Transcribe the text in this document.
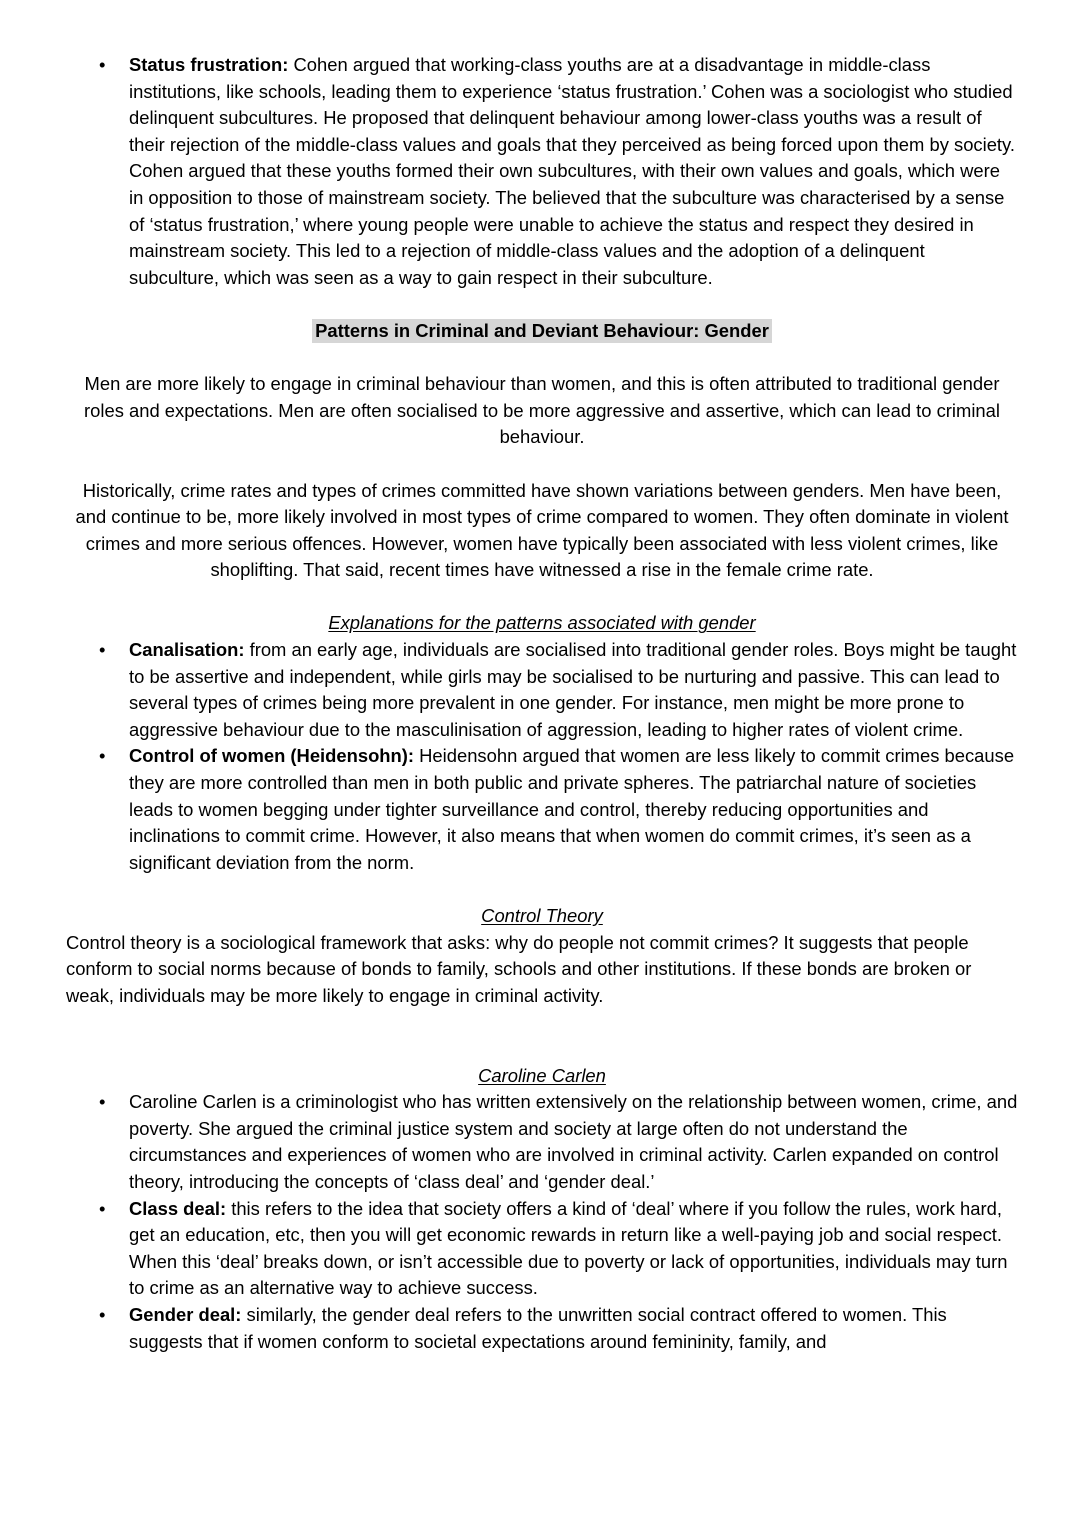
• Status frustration: Cohen argued that working-class youths are at a disadvantage in middle-class institutions, like schools, leading them to experience ‘status frustration.’ Cohen was a sociologist who studied delinquent subcultures. He proposed that delinquent behaviour among lower-class youths was a result of their rejection of the middle-class values and goals that they perceived as being forced upon them by society. Cohen argued that these youths formed their own subcultures, with their own values and goals, which were in opposition to those of mainstream society. The believed that the subculture was characterised by a sense of ‘status frustration,’ where young people were unable to achieve the status and respect they desired in mainstream society. This led to a rejection of middle-class values and the adoption of a delinquent subculture, which was seen as a way to gain respect in their subculture.
Patterns in Criminal and Deviant Behaviour: Gender

Men are more likely to engage in criminal behaviour than women, and this is often attributed to traditional gender roles and expectations. Men are often socialised to be more aggressive and assertive, which can lead to criminal behaviour.

Historically, crime rates and types of crimes committed have shown variations between genders. Men have been, and continue to be, more likely involved in most types of crime compared to women. They often dominate in violent crimes and more serious offences. However, women have typically been associated with less violent crimes, like shoplifting. That said, recent times have witnessed a rise in the female crime rate.

Explanations for the patterns associated with gender
• Canalisation: from an early age, individuals are socialised into traditional gender roles. Boys might be taught to be assertive and independent, while girls may be socialised to be nurturing and passive. This can lead to several types of crimes being more prevalent in one gender. For instance, men might be more prone to aggressive behaviour due to the masculinisation of aggression, leading to higher rates of violent crime.
• Control of women (Heidensohn): Heidensohn argued that women are less likely to commit crimes because they are more controlled than men in both public and private spheres. The patriarchal nature of societies leads to women begging under tighter surveillance and control, thereby reducing opportunities and inclinations to commit crime. However, it also means that when women do commit crimes, it’s seen as a significant deviation from the norm.
Control Theory

Control theory is a sociological framework that asks: why do people not commit crimes? It suggests that people conform to social norms because of bonds to family, schools and other institutions. If these bonds are broken or weak, individuals may be more likely to engage in criminal activity.

Caroline Carlen
• Caroline Carlen is a criminologist who has written extensively on the relationship between women, crime, and poverty. She argued the criminal justice system and society at large often do not understand the circumstances and experiences of women who are involved in criminal activity. Carlen expanded on control theory, introducing the concepts of ‘class deal’ and ‘gender deal.’
• Class deal: this refers to the idea that society offers a kind of ‘deal’ where if you follow the rules, work hard, get an education, etc, then you will get economic rewards in return like a well-paying job and social respect. When this ‘deal’ breaks down, or isn’t accessible due to poverty or lack of opportunities, individuals may turn to crime as an alternative way to achieve success.
• Gender deal: similarly, the gender deal refers to the unwritten social contract offered to women. This suggests that if women conform to societal expectations around femininity, family, and
